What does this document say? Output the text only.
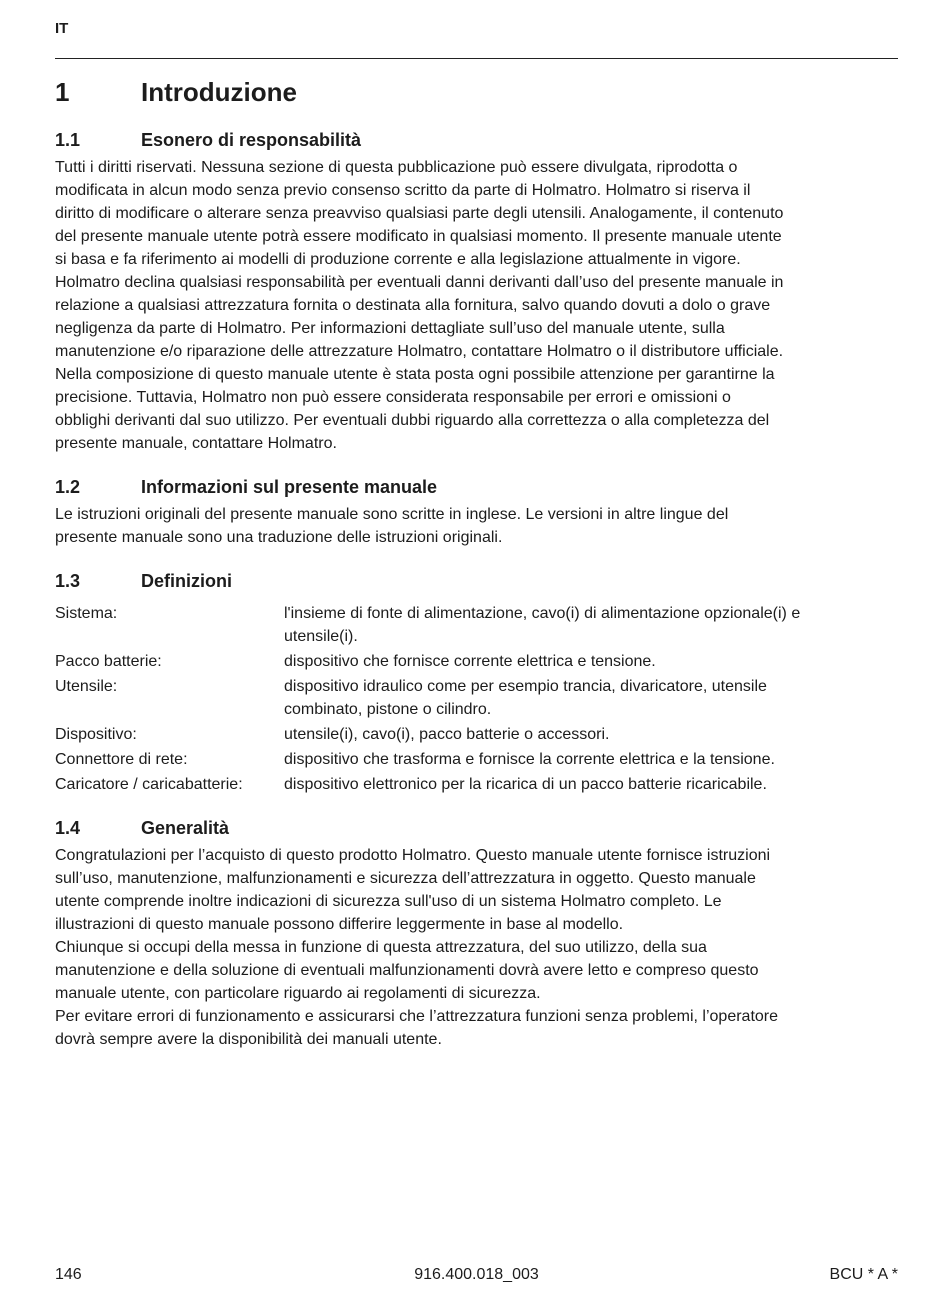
IT
1	Introduzione
1.1	Esonero di responsabilità

Tutti i diritti riservati. Nessuna sezione di questa pubblicazione può essere divulgata, riprodotta o
modificata in alcun modo senza previo consenso scritto da parte di Holmatro. Holmatro si riserva il
diritto di modificare o alterare senza preavviso qualsiasi parte degli utensili. Analogamente, il contenuto
del presente manuale utente potrà essere modificato in qualsiasi momento. Il presente manuale utente
si basa e fa riferimento ai modelli di produzione corrente e alla legislazione attualmente in vigore.
Holmatro declina qualsiasi responsabilità per eventuali danni derivanti dall’uso del presente manuale in
relazione a qualsiasi attrezzatura fornita o destinata alla fornitura, salvo quando dovuti a dolo o grave
negligenza da parte di Holmatro. Per informazioni dettagliate sull’uso del manuale utente, sulla
manutenzione e/o riparazione delle attrezzature Holmatro, contattare Holmatro o il distributore ufficiale.
Nella composizione di questo manuale utente è stata posta ogni possibile attenzione per garantirne la
precisione. Tuttavia, Holmatro non può essere considerata responsabile per errori e omissioni o
obblighi derivanti dal suo utilizzo. Per eventuali dubbi riguardo alla correttezza o alla completezza del
presente manuale, contattare Holmatro.

1.2	Informazioni sul presente manuale

Le istruzioni originali del presente manuale sono scritte in inglese. Le versioni in altre lingue del
presente manuale sono una traduzione delle istruzioni originali.

1.3	Definizioni
Sistema:	l'insieme di fonte di alimentazione, cavo(i) di alimentazione opzionale(i) e
utensile(i).
Pacco batterie:	dispositivo che fornisce corrente elettrica e tensione.
Utensile:	dispositivo idraulico come per esempio trancia, divaricatore, utensile
combinato, pistone o cilindro.
Dispositivo:	utensile(i), cavo(i), pacco batterie o accessori.
Connettore di rete:	dispositivo che trasforma e fornisce la corrente elettrica e la tensione.
Caricatore / caricabatterie:	dispositivo elettronico per la ricarica di un pacco batterie ricaricabile.
1.4	Generalità

Congratulazioni per l’acquisto di questo prodotto Holmatro. Questo manuale utente fornisce istruzioni
sull’uso, manutenzione, malfunzionamenti e sicurezza dell’attrezzatura in oggetto. Questo manuale
utente comprende inoltre indicazioni di sicurezza sull'uso di un sistema Holmatro completo. Le
illustrazioni di questo manuale possono differire leggermente in base al modello.
Chiunque si occupi della messa in funzione di questa attrezzatura, del suo utilizzo, della sua
manutenzione e della soluzione di eventuali malfunzionamenti dovrà avere letto e compreso questo
manuale utente, con particolare riguardo ai regolamenti di sicurezza.
Per evitare errori di funzionamento e assicurarsi che l’attrezzatura funzioni senza problemi, l’operatore
dovrà sempre avere la disponibilità dei manuali utente.

146	916.400.018_003	BCU * A *
